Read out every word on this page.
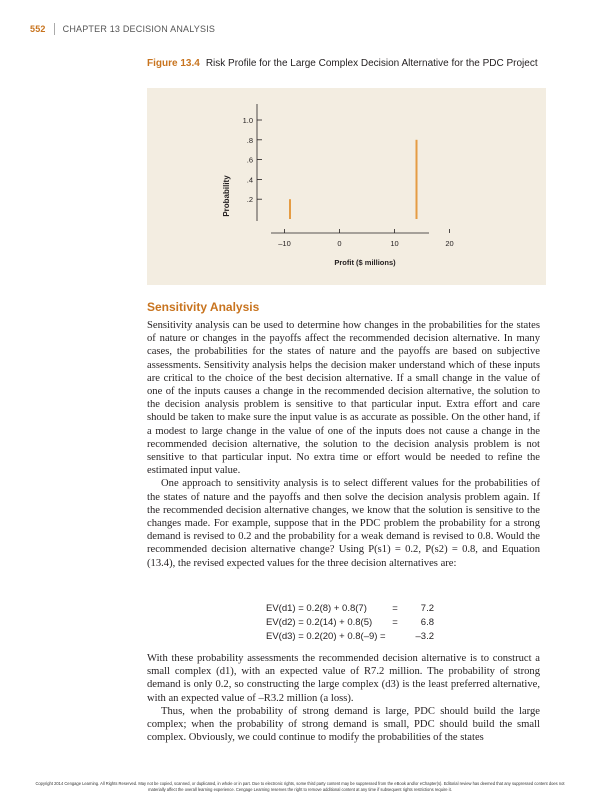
552 CHAPTER 13 DECISION ANALYSIS
Figure 13.4 Risk Profile for the Large Complex Decision Alternative for the PDC Project
.2
.4
.6
.8
1.0
–10	0	10	20
Probability
Profit ($ millions)
Sensitivity Analysis

Sensitivity analysis can be used to determine how changes in the probabilities for the states of nature or changes in the payoffs affect the recommended decision alternative. In many cases, the probabilities for the states of nature and the payoffs are based on subjective assessments. Sensitivity analysis helps the decision maker understand which of these inputs are critical to the choice of the best decision alternative. If a small change in the value of one of the inputs causes a change in the recommended decision alternative, the solution to the decision analysis problem is sensitive to that particular input. Extra effort and care should be taken to make sure the input value is as accurate as possible. On the other hand, if a modest to large change in the value of one of the inputs does not cause a change in the recommended decision alternative, the solution to the decision analysis problem is not sensitive to that particular input. No extra time or effort would be needed to refine the estimated input value.

One approach to sensitivity analysis is to select different values for the probabilities of the states of nature and the payoffs and then solve the decision analysis problem again. If the recommended decision alternative changes, we know that the solution is sensitive to the changes made. For example, suppose that in the PDC problem the probability for a strong demand is revised to 0.2 and the probability for a weak demand is revised to 0.8. Would the recommended decision alternative change? Using P(s1) = 0.2, P(s2) = 0.8, and Equation (13.4), the revised expected values for the three decision alternatives are:

EV(d1) = 0.2(8) + 0.8(7)	=	7.2
EV(d2) = 0.2(14) + 0.8(5)	=	6.8
EV(d3) = 0.2(20) + 0.8(–9) =	–3.2

With these probability assessments the recommended decision alternative is to construct a small complex (d1), with an expected value of R7.2 million. The probability of strong demand is only 0.2, so constructing the large complex (d3) is the least preferred alternative, with an expected value of –R3.2 million (a loss).

Thus, when the probability of strong demand is large, PDC should build the large complex; when the probability of strong demand is small, PDC should build the small complex. Obviously, we could continue to modify the probabilities of the states

Copyright 2014 Cengage Learning. All Rights Reserved. May not be copied, scanned, or duplicated, in whole or in part. Due to electronic rights, some third party content may be suppressed from the eBook and/or eChapter(s). Editorial review has deemed that any suppressed content does not materially affect the overall learning experience. Cengage Learning reserves the right to remove additional content at any time if subsequent rights restrictions require it.
